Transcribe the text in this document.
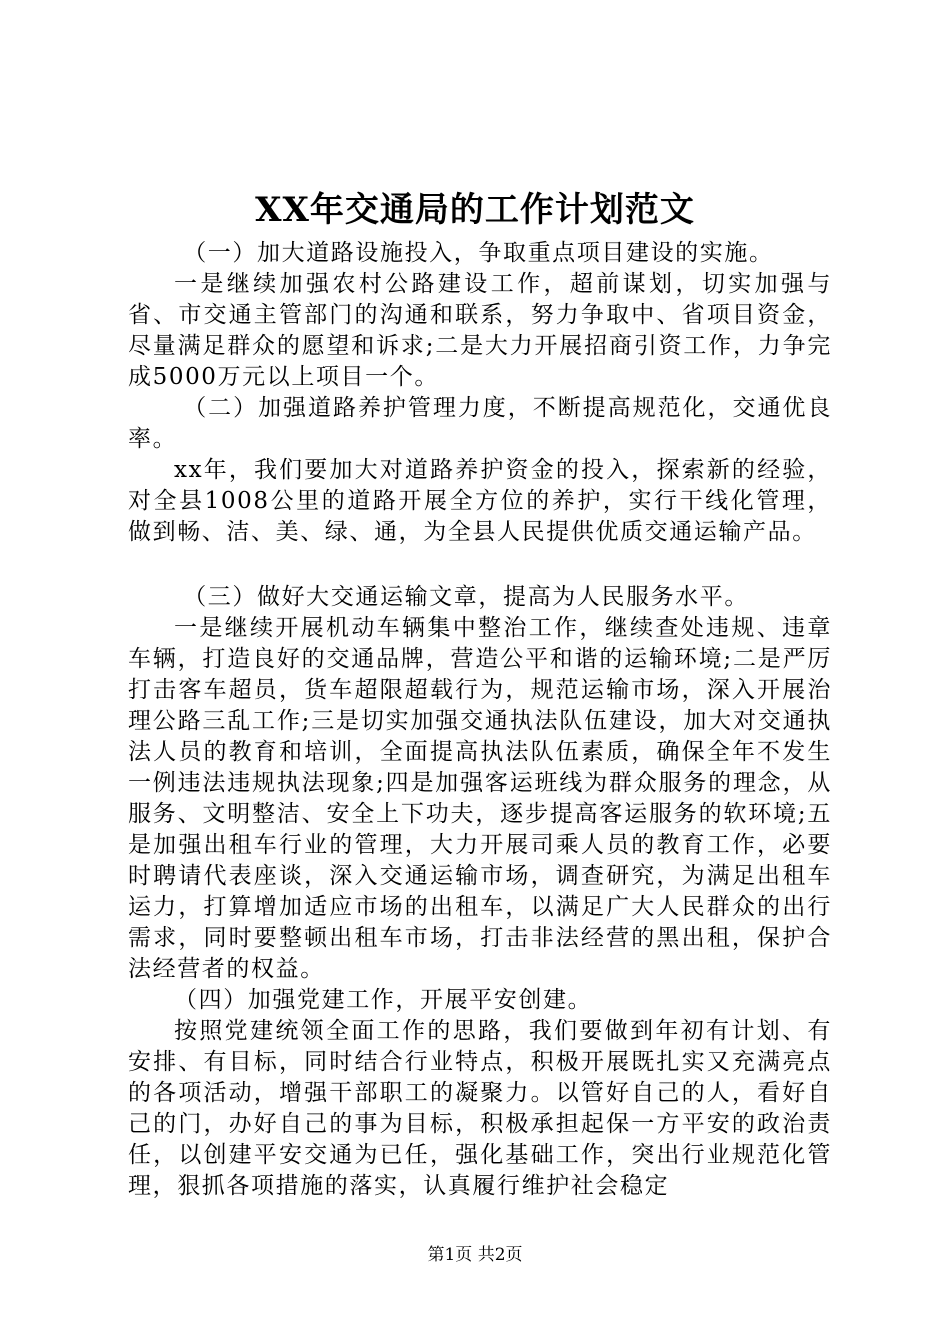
XX年交通局的工作计划范文

（一）加大道路设施投入，争取重点项目建设的实施。

一是继续加强农村公路建设工作，超前谋划，切实加强与省、市交通主管部门的沟通和联系，努力争取中、省项目资金，尽量满足群众的愿望和诉求;二是大力开展招商引资工作，力争完成5000万元以上项目一个。

（二）加强道路养护管理力度，不断提高规范化，交通优良率。

xx年，我们要加大对道路养护资金的投入，探索新的经验，对全县1008公里的道路开展全方位的养护，实行干线化管理，做到畅、洁、美、绿、通，为全县人民提供优质交通运输产品。

（三）做好大交通运输文章，提高为人民服务水平。

一是继续开展机动车辆集中整治工作，继续查处违规、违章车辆，打造良好的交通品牌，营造公平和谐的运输环境;二是严厉打击客车超员，货车超限超载行为，规范运输市场，深入开展治理公路三乱工作;三是切实加强交通执法队伍建设，加大对交通执法人员的教育和培训，全面提高执法队伍素质，确保全年不发生一例违法违规执法现象;四是加强客运班线为群众服务的理念，从服务、文明整洁、安全上下功夫，逐步提高客运服务的软环境;五是加强出租车行业的管理，大力开展司乘人员的教育工作，必要时聘请代表座谈，深入交通运输市场，调查研究，为满足出租车运力，打算增加适应市场的出租车，以满足广大人民群众的出行需求，同时要整顿出租车市场，打击非法经营的黑出租，保护合法经营者的权益。

（四）加强党建工作，开展平安创建。

按照党建统领全面工作的思路，我们要做到年初有计划、有安排、有目标，同时结合行业特点，积极开展既扎实又充满亮点的各项活动，增强干部职工的凝聚力。以管好自己的人，看好自己的门，办好自己的事为目标，积极承担起保一方平安的政治责任，以创建平安交通为已任，强化基础工作，突出行业规范化管理，狠抓各项措施的落实，认真履行维护社会稳定

第1页 共2页
